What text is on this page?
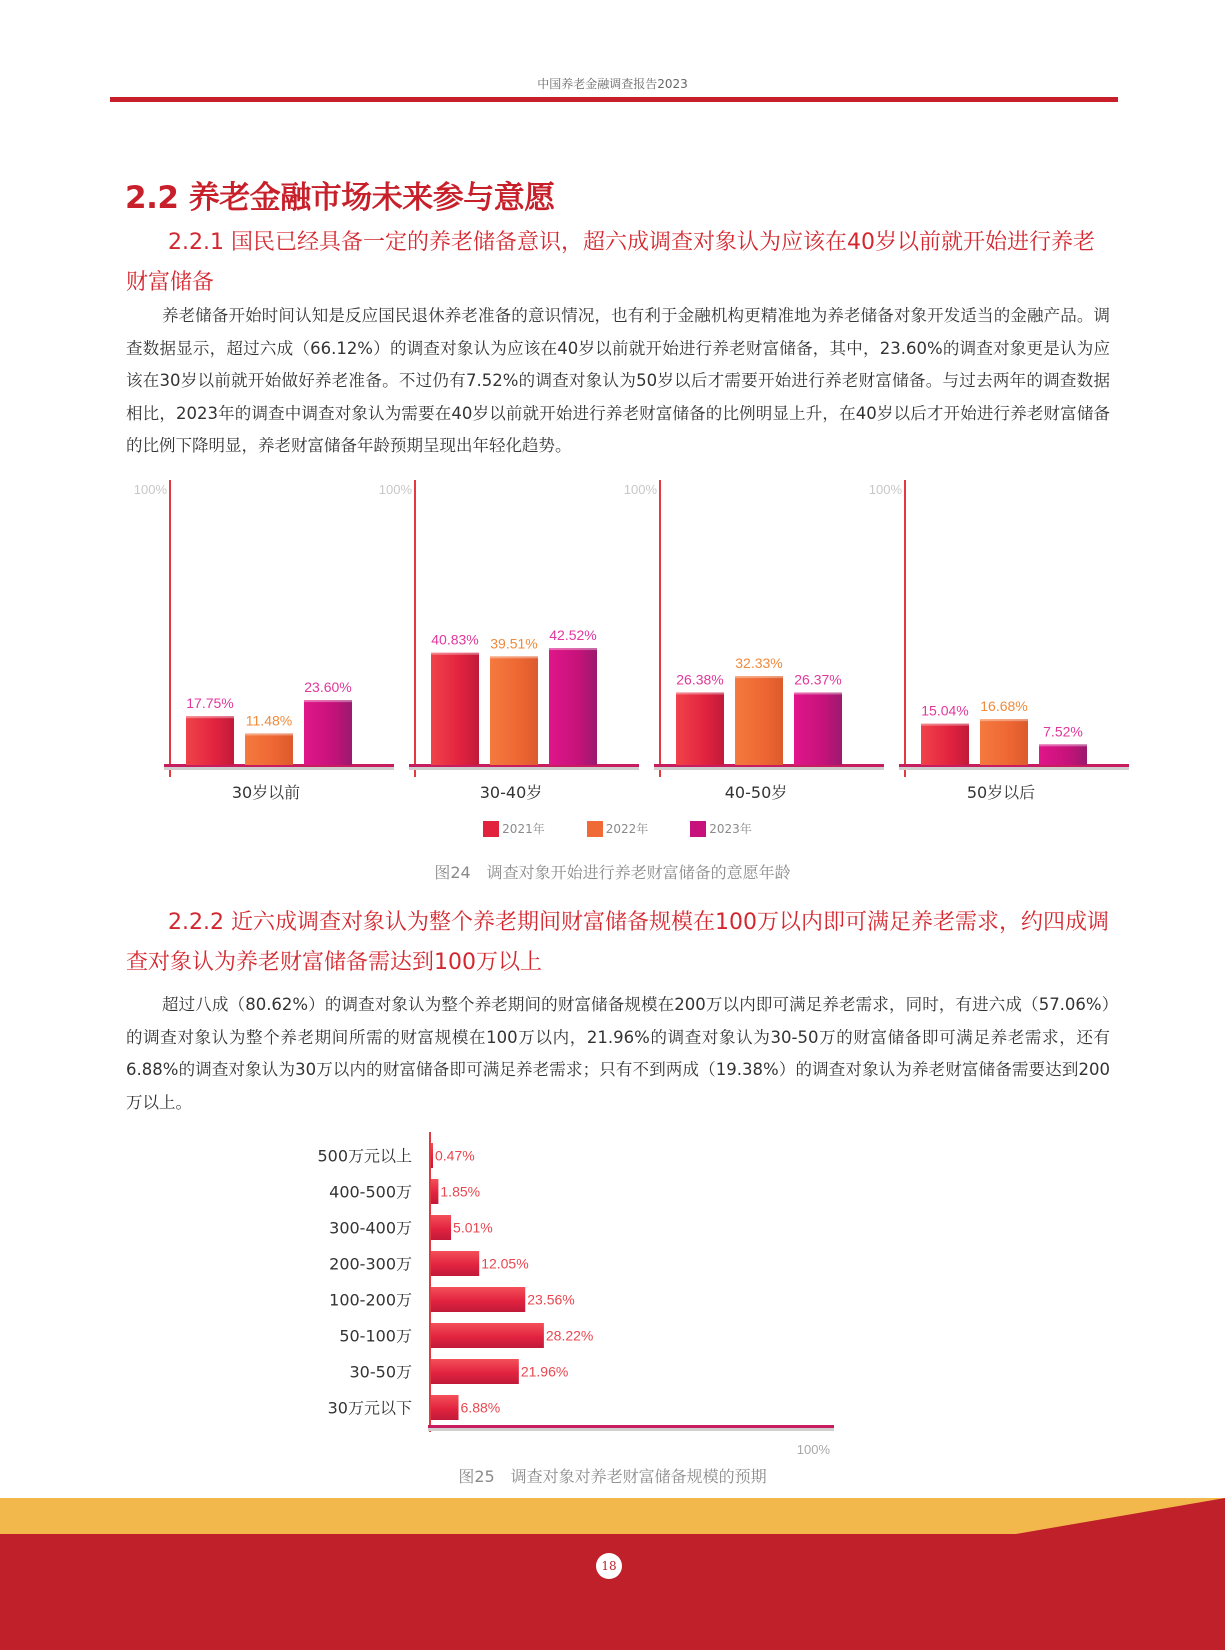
中国养老金融调查报告2023
2.2 养老金融市场未来参与意愿
2.2.1 国民已经具备一定的养老储备意识，超六成调查对象认为应该在40岁以前就开始进行养老财富储备
养老储备开始时间认知是反应国民退休养老准备的意识情况，也有利于金融机构更精准地为养老储备对象开发适当的金融产品。调查数据显示，超过六成（66.12%）的调查对象认为应该在40岁以前就开始进行养老财富储备，其中，23.60%的调查对象更是认为应该在30岁以前就开始做好养老准备。不过仍有7.52%的调查对象认为50岁以后才需要开始进行养老财富储备。与过去两年的调查数据相比，2023年的调查中调查对象认为需要在40岁以前就开始进行养老财富储备的比例明显上升，在40岁以后才开始进行养老财富储备的比例下降明显，养老财富储备年龄预期呈现出年轻化趋势。
100%
17.75%
11.48%
23.60%
30岁以前
100%
40.83% 39.51%
42.52%
30-40岁
100%
26.38%
32.33%
26.37%
40-50岁
100%
15.04% 16.68%
7.52%
50岁以后
2021年	2022年	2023年
图24　调查对象开始进行养老财富储备的意愿年龄
2.2.2 近六成调查对象认为整个养老期间财富储备规模在100万以内即可满足养老需求，约四成调查对象认为养老财富储备需达到100万以上
超过八成（80.62%）的调查对象认为整个养老期间的财富储备规模在200万以内即可满足养老需求，同时，有进六成（57.06%）的调查对象认为整个养老期间所需的财富规模在100万以内，21.96%的调查对象认为30-50万的财富储备即可满足养老需求，还有6.88%的调查对象认为30万以内的财富储备即可满足养老需求；只有不到两成（19.38%）的调查对象认为养老财富储备需要达到200万以上。
100%
500万元以上 0.47%
400-500万 1.85%
300-400万	5.01%
200-300万	12.05%
100-200万	23.56%
50-100万	28.22%
30-50万	21.96%
30万元以下	6.88%
图25　调查对象对养老财富储备规模的预期
18
